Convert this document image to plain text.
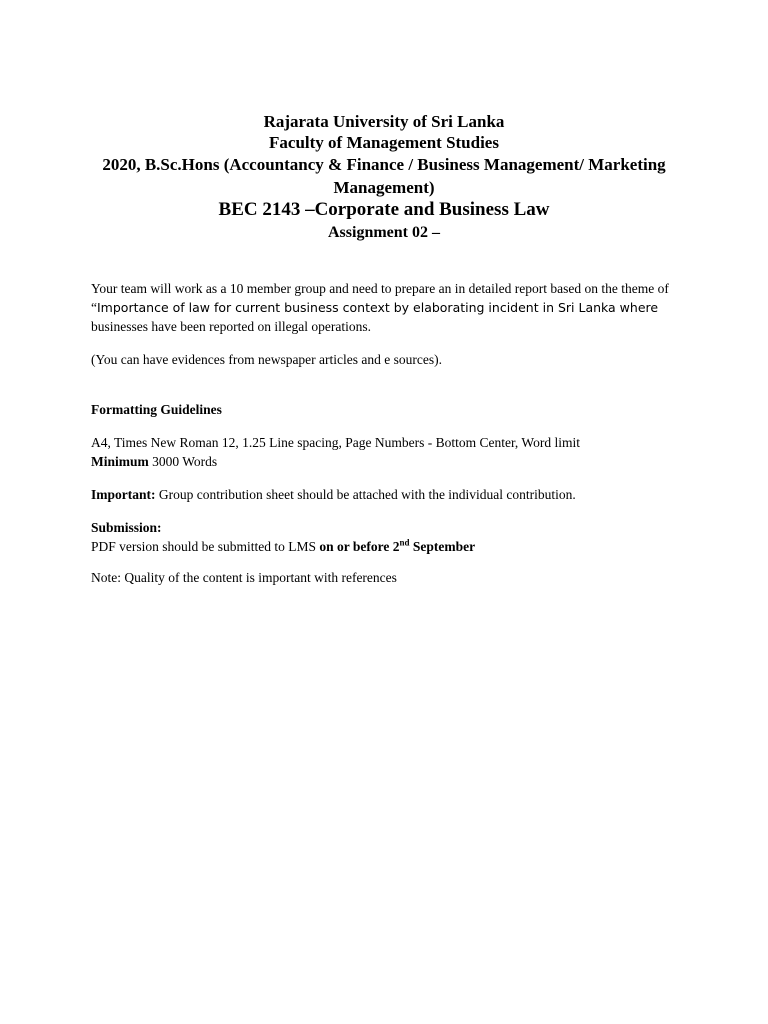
Rajarata University of Sri Lanka
Faculty of Management Studies
2020, B.Sc.Hons (Accountancy & Finance / Business Management/ Marketing Management)
BEC 2143 –Corporate and Business Law
Assignment 02 –
Your team will work as a 10 member group and need to prepare an in detailed report based on the theme of “Importance of law for current business context by elaborating incident in Sri Lanka where businesses have been reported on illegal operations.
(You can have evidences from newspaper articles and e sources).
Formatting Guidelines
A4, Times New Roman 12, 1.25 Line spacing, Page Numbers - Bottom Center, Word limit
Minimum 3000 Words
Important: Group contribution sheet should be attached with the individual contribution.
Submission:
PDF version should be submitted to LMS on or before 2nd September
Note: Quality of the content is important with references
